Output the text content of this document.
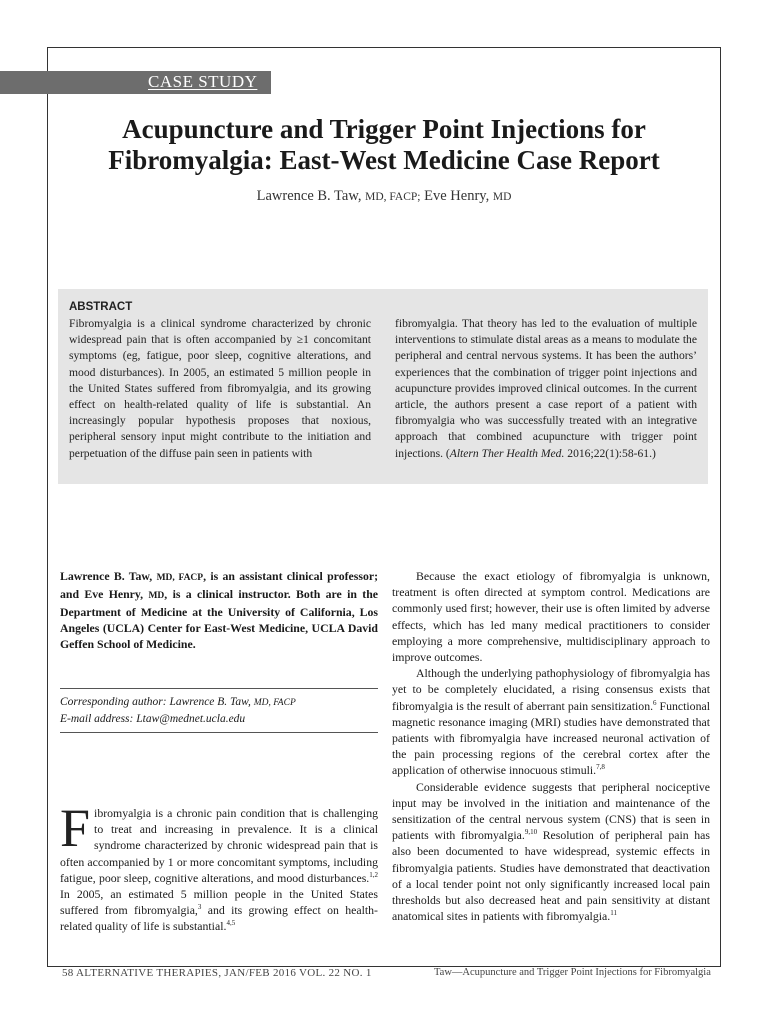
CASE STUDY
Acupuncture and Trigger Point Injections for
Fibromyalgia: East-West Medicine Case Report
Lawrence B. Taw, MD, FACP; Eve Henry, MD
ABSTRACT
Fibromyalgia is a clinical syndrome characterized by chronic widespread pain that is often accompanied by ≥1 concomitant symptoms (eg, fatigue, poor sleep, cognitive alterations, and mood disturbances). In 2005, an estimated 5 million people in the United States suffered from fibromyalgia, and its growing effect on health-related quality of life is substantial. An increasingly popular hypothesis proposes that noxious, peripheral sensory input might contribute to the initiation and perpetuation of the diffuse pain seen in patients with
fibromyalgia. That theory has led to the evaluation of multiple interventions to stimulate distal areas as a means to modulate the peripheral and central nervous systems. It has been the authors’ experiences that the combination of trigger point injections and acupuncture provides improved clinical outcomes. In the current article, the authors present a case report of a patient with fibromyalgia who was successfully treated with an integrative approach that combined acupuncture with trigger point injections. (Altern Ther Health Med. 2016;22(1):58-61.)
Lawrence B. Taw, MD, FACP, is an assistant clinical professor; and Eve Henry, MD, is a clinical instructor. Both are in the Department of Medicine at the University of California, Los Angeles (UCLA) Center for East-West Medicine, UCLA David Geffen School of Medicine.
Corresponding author: Lawrence B. Taw, MD, FACP
E-mail address: Ltaw@mednet.ucla.edu
Fibromyalgia is a chronic pain condition that is challenging to treat and increasing in prevalence. It is a clinical syndrome characterized by chronic widespread pain that is often accompanied by 1 or more concomitant symptoms, including fatigue, poor sleep, cognitive alterations, and mood disturbances.$^{1,2}$ In 2005, an estimated 5 million people in the United States suffered from fibromyalgia,$^3$ and its growing effect on health-related quality of life is substantial.$^{4,5}$

Because the exact etiology of fibromyalgia is unknown, treatment is often directed at symptom control. Medications are commonly used first; however, their use is often limited by adverse effects, which has led many medical practitioners to consider employing a more comprehensive, multidisciplinary approach to improve outcomes.

Although the underlying pathophysiology of fibromyalgia has yet to be completely elucidated, a rising consensus exists that fibromyalgia is the result of aberrant pain sensitization.$^6$ Functional magnetic resonance imaging (MRI) studies have demonstrated that patients with fibromyalgia have increased neuronal activation of the pain processing regions of the cerebral cortex after the application of otherwise innocuous stimuli.$^{7,8}$

Considerable evidence suggests that peripheral nociceptive input may be involved in the initiation and maintenance of the sensitization of the central nervous system (CNS) that is seen in patients with fibromyalgia.$^{9,10}$ Resolution of peripheral pain has also been documented to have widespread, systemic effects in fibromyalgia patients. Studies have demonstrated that deactivation of a local tender point not only significantly increased local pain thresholds but also decreased heat and pain sensitivity at distant anatomical sites in patients with fibromyalgia.$^{11}$

58 ALTERNATIVE THERAPIES, JAN/FEB 2016 VOL. 22 NO. 1	Taw—Acupuncture and Trigger Point Injections for Fibromyalgia
